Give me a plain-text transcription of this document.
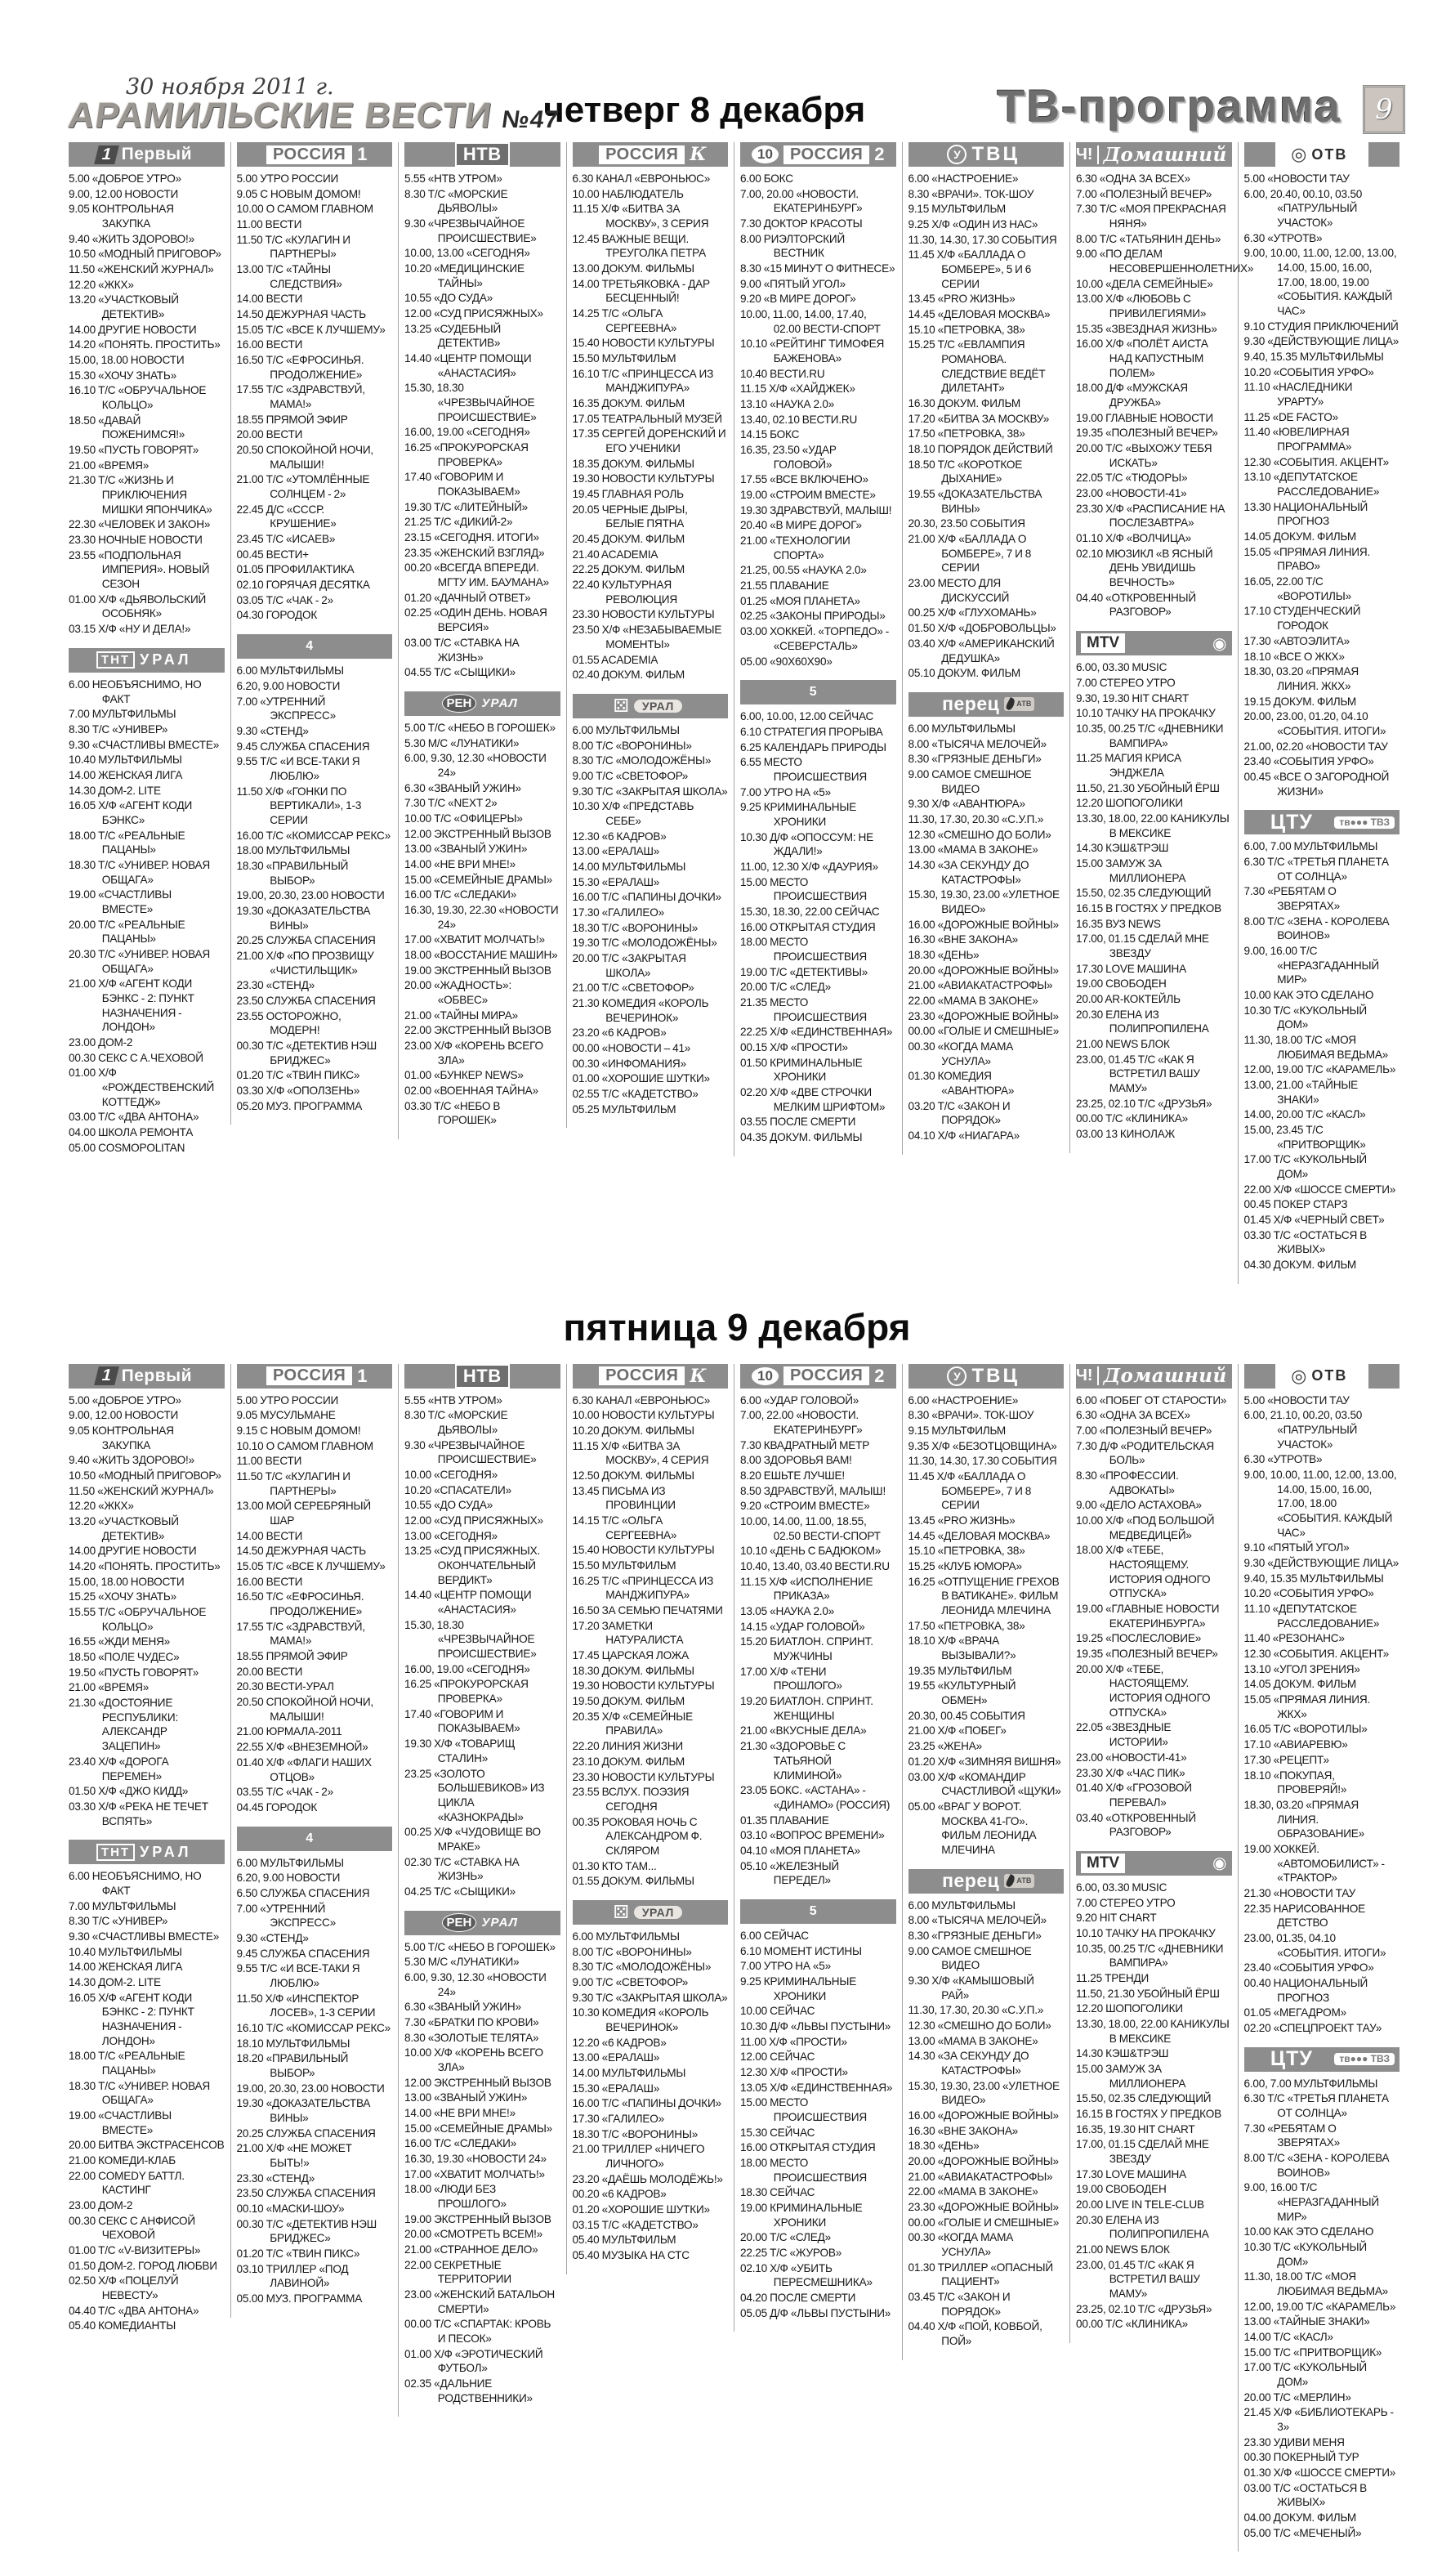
30 ноября 2011 г.
АРАМИЛЬСКИЕ ВЕСТИ №47
четверг 8 декабря	ТВ-программа	9
1 Первый
5.00 «ДОБРОЕ УТРО»
9.00, 12.00 НОВОСТИ
9.05 КОНТРОЛЬНАЯ ЗАКУПКА
9.40 «ЖИТЬ ЗДОРОВО!»
10.50 «МОДНЫЙ ПРИГОВОР»
11.50 «ЖЕНСКИЙ ЖУРНАЛ»
12.20 «ЖКХ»
13.20 «УЧАСТКОВЫЙ ДЕТЕКТИВ»
14.00 ДРУГИЕ НОВОСТИ
14.20 «ПОНЯТЬ. ПРОСТИТЬ»
15.00, 18.00 НОВОСТИ
15.30 «ХОЧУ ЗНАТЬ»
16.10 Т/С «ОБРУЧАЛЬНОЕ КОЛЬЦО»
18.50 «ДАВАЙ ПОЖЕНИМСЯ!»
19.50 «ПУСТЬ ГОВОРЯТ»
21.00 «ВРЕМЯ»
21.30 Т/С «ЖИЗНЬ И ПРИКЛЮЧЕНИЯ МИШКИ ЯПОНЧИКА»
22.30 «ЧЕЛОВЕК И ЗАКОН»
23.30 НОЧНЫЕ НОВОСТИ
23.55 «ПОДПОЛЬНАЯ ИМПЕРИЯ». НОВЫЙ СЕЗОН
01.00 Х/Ф «ДЬЯВОЛЬСКИЙ ОСОБНЯК»
03.15 Х/Ф «НУ И ДЕЛА!»
ТНТ УРАЛ
6.00 НЕОБЪЯСНИМО, НО ФАКТ
7.00 МУЛЬТФИЛЬМЫ
8.30 Т/С «УНИВЕР»
9.30 «СЧАСТЛИВЫ ВМЕСТЕ»
10.40 МУЛЬТФИЛЬМЫ
14.00 ЖЕНСКАЯ ЛИГА
14.30 ДОМ-2. LITE
16.05 Х/Ф «АГЕНТ КОДИ БЭНКС»
18.00 Т/С «РЕАЛЬНЫЕ ПАЦАНЫ»
18.30 Т/С «УНИВЕР. НОВАЯ ОБЩАГА»
19.00 «СЧАСТЛИВЫ ВМЕСТЕ»
20.00 Т/С «РЕАЛЬНЫЕ ПАЦАНЫ»
20.30 Т/С «УНИВЕР. НОВАЯ ОБЩАГА»
21.00 Х/Ф «АГЕНТ КОДИ БЭНКС - 2: ПУНКТ НАЗНАЧЕНИЯ - ЛОНДОН»
23.00 ДОМ-2
00.30 СЕКС С А.ЧЕХОВОЙ
01.00 Х/Ф «РОЖДЕСТВЕНСКИЙ КОТТЕДЖ»
03.00 Т/С «ДВА АНТОНА»
04.00 ШКОЛА РЕМОНТА
05.00 COSMOPOLITAN
РОССИЯ 1
5.00 УТРО РОССИИ
9.05 С НОВЫМ ДОМОМ!
10.00 О САМОМ ГЛАВНОМ
11.00 ВЕСТИ
11.50 Т/С «КУЛАГИН И ПАРТНЕРЫ»
13.00 Т/С «ТАЙНЫ СЛЕДСТВИЯ»
14.00 ВЕСТИ
14.50 ДЕЖУРНАЯ ЧАСТЬ
15.05 Т/С «ВСЕ К ЛУЧШЕМУ»
16.00 ВЕСТИ
16.50 Т/С «ЕФРОСИНЬЯ. ПРОДОЛЖЕНИЕ»
17.55 Т/С «ЗДРАВСТВУЙ, МАМА!»
18.55 ПРЯМОЙ ЭФИР
20.00 ВЕСТИ
20.50 СПОКОЙНОЙ НОЧИ, МАЛЫШИ!
21.00 Т/С «УТОМЛЁННЫЕ СОЛНЦЕМ - 2»
22.45 Д/С «СССР. КРУШЕНИЕ»
23.45 Т/С «ИСАЕВ»
00.45 ВЕСТИ+
01.05 ПРОФИЛАКТИКА
02.10 ГОРЯЧАЯ ДЕСЯТКА
03.05 Т/С «ЧАК - 2»
04.30 ГОРОДОК
4
6.00 МУЛЬТФИЛЬМЫ
6.20, 9.00 НОВОСТИ
7.00 «УТРЕННИЙ ЭКСПРЕСС»
9.30 «СТЕНД»
9.45 СЛУЖБА СПАСЕНИЯ
9.55 Т/С «И ВСЕ-ТАКИ Я ЛЮБЛЮ»
11.50 Х/Ф «ГОНКИ ПО ВЕРТИКАЛИ», 1-3 СЕРИИ
16.00 Т/С «КОМИССАР РЕКС»
18.00 МУЛЬТФИЛЬМЫ
18.30 «ПРАВИЛЬНЫЙ ВЫБОР»
19.00, 20.30, 23.00 НОВОСТИ
19.30 «ДОКАЗАТЕЛЬСТВА ВИНЫ»
20.25 СЛУЖБА СПАСЕНИЯ
21.00 Х/Ф «ПО ПРОЗВИЩУ «ЧИСТИЛЬЩИК»
23.30 «СТЕНД»
23.50 СЛУЖБА СПАСЕНИЯ
23.55 ОСТОРОЖНО, МОДЕРН!
00.30 Т/С «ДЕТЕКТИВ НЭШ БРИДЖЕС»
01.20 Т/С «ТВИН ПИКС»
03.30 Х/Ф «ОПОЛЗЕНЬ»
05.20 МУЗ. ПРОГРАММА
НТВ
5.55 «НТВ УТРОМ»
8.30 Т/С «МОРСКИЕ ДЬЯВОЛЫ»
9.30 «ЧРЕЗВЫЧАЙНОЕ ПРОИСШЕСТВИЕ»
10.00, 13.00 «СЕГОДНЯ»
10.20 «МЕДИЦИНСКИЕ ТАЙНЫ»
10.55 «ДО СУДА»
12.00 «СУД ПРИСЯЖНЫХ»
13.25 «СУДЕБНЫЙ ДЕТЕКТИВ»
14.40 «ЦЕНТР ПОМОЩИ «АНАСТАСИЯ»
15.30, 18.30 «ЧРЕЗВЫЧАЙНОЕ ПРОИСШЕСТВИЕ»
16.00, 19.00 «СЕГОДНЯ»
16.25 «ПРОКУРОРСКАЯ ПРОВЕРКА»
17.40 «ГОВОРИМ И ПОКАЗЫВАЕМ»
19.30 Т/С «ЛИТЕЙНЫЙ»
21.25 Т/С «ДИКИЙ-2»
23.15 «СЕГОДНЯ. ИТОГИ»
23.35 «ЖЕНСКИЙ ВЗГЛЯД»
00.20 «ВСЕГДА ВПЕРЕДИ. МГТУ ИМ. БАУМАНА»
01.20 «ДАЧНЫЙ ОТВЕТ»
02.25 «ОДИН ДЕНЬ. НОВАЯ ВЕРСИЯ»
03.00 Т/С «СТАВКА НА ЖИЗНЬ»
04.55 Т/С «СЫЩИКИ»
РЕН УРАЛ
5.00 Т/С «НЕБО В ГОРОШЕК»
5.30 М/С «ЛУНАТИКИ»
6.00, 9.30, 12.30 «НОВОСТИ 24»
6.30 «ЗВАНЫЙ УЖИН»
7.30 Т/С «NEXT 2»
10.00 Т/С «ОФИЦЕРЫ»
12.00 ЭКСТРЕННЫЙ ВЫЗОВ
13.00 «ЗВАНЫЙ УЖИН»
14.00 «НЕ ВРИ МНЕ!»
15.00 «СЕМЕЙНЫЕ ДРАМЫ»
16.00 Т/С «СЛЕДАКИ»
16.30, 19.30, 22.30 «НОВОСТИ 24»
17.00 «ХВАТИТ МОЛЧАТЬ!»
18.00 «ВОССТАНИЕ МАШИН»
19.00 ЭКСТРЕННЫЙ ВЫЗОВ
20.00 «ЖАДНОСТЬ»: «ОБВЕС»
21.00 «ТАЙНЫ МИРА»
22.00 ЭКСТРЕННЫЙ ВЫЗОВ
23.00 Х/Ф «КОРЕНЬ ВСЕГО ЗЛА»
01.00 «БУНКЕР NEWS»
02.00 «ВОЕННАЯ ТАЙНА»
03.30 Т/С «НЕБО В ГОРОШЕК»
РОССИЯ К
6.30 КАНАЛ «ЕВРОНЬЮС»
10.00 НАБЛЮДАТЕЛЬ
11.15 Х/Ф «БИТВА ЗА МОСКВУ», 3 СЕРИЯ
12.45 ВАЖНЫЕ ВЕЩИ. ТРЕУГОЛКА ПЕТРА
13.00 ДОКУМ. ФИЛЬМЫ
14.00 ТРЕТЬЯКОВКА - ДАР БЕСЦЕННЫЙ!
14.25 Т/С «ОЛЬГА СЕРГЕЕВНА»
15.40 НОВОСТИ КУЛЬТУРЫ
15.50 МУЛЬТФИЛЬМ
16.10 Т/С «ПРИНЦЕССА ИЗ МАНДЖИПУРА»
16.35 ДОКУМ. ФИЛЬМ
17.05 ТЕАТРАЛЬНЫЙ МУЗЕЙ
17.35 СЕРГЕЙ ДОРЕНСКИЙ И ЕГО УЧЕНИКИ
18.35 ДОКУМ. ФИЛЬМЫ
19.30 НОВОСТИ КУЛЬТУРЫ
19.45 ГЛАВНАЯ РОЛЬ
20.05 ЧЕРНЫЕ ДЫРЫ, БЕЛЫЕ ПЯТНА
20.45 ДОКУМ. ФИЛЬМ
21.40 ACADEMIA
22.25 ДОКУМ. ФИЛЬМ
22.40 КУЛЬТУРНАЯ РЕВОЛЮЦИЯ
23.30 НОВОСТИ КУЛЬТУРЫ
23.50 Х/Ф «НЕЗАБЫВАЕМЫЕ МОМЕНТЫ»
01.55 ACADEMIA
02.40 ДОКУМ. ФИЛЬМ
⚄	УРАЛ
6.00 МУЛЬТФИЛЬМЫ
8.00 Т/С «ВОРОНИНЫ»
8.30 Т/С «МОЛОДОЖЁНЫ»
9.00 Т/С «СВЕТОФОР»
9.30 Т/С «ЗАКРЫТАЯ ШКОЛА»
10.30 Х/Ф «ПРЕДСТАВЬ СЕБЕ»
12.30 «6 КАДРОВ»
13.00 «ЕРАЛАШ»
14.00 МУЛЬТФИЛЬМЫ
15.30 «ЕРАЛАШ»
16.00 Т/С «ПАПИНЫ ДОЧКИ»
17.30 «ГАЛИЛЕО»
18.30 Т/С «ВОРОНИНЫ»
19.30 Т/С «МОЛОДОЖЁНЫ»
20.00 Т/С «ЗАКРЫТАЯ ШКОЛА»
21.00 Т/С «СВЕТОФОР»
21.30 КОМЕДИЯ «КОРОЛЬ ВЕЧЕРИНОК»
23.20 «6 КАДРОВ»
00.00 «НОВОСТИ – 41»
00.30 «ИНФОМАНИЯ»
01.00 «ХОРОШИЕ ШУТКИ»
02.55 Т/С «КАДЕТСТВО»
05.25 МУЛЬТФИЛЬМ
10	РОССИЯ 2
6.00 БОКС
7.00, 20.00 «НОВОСТИ. ЕКАТЕРИНБУРГ»
7.30 ДОКТОР КРАСОТЫ
8.00 РИЭЛТОРСКИЙ ВЕСТНИК
8.30 «15 МИНУТ О ФИТНЕСЕ»
9.00 «ПЯТЫЙ УГОЛ»
9.20 «В МИРЕ ДОРОГ»
10.00, 11.00, 14.00, 17.40, 02.00 ВЕСТИ-СПОРТ
10.10 «РЕЙТИНГ ТИМОФЕЯ БАЖЕНОВА»
10.40 ВЕСТИ.RU
11.15 Х/Ф «ХАЙДЖЕК»
13.10 «НАУКА 2.0»
13.40, 02.10 ВЕСТИ.RU
14.15 БОКС
16.35, 23.50 «УДАР ГОЛОВОЙ»
17.55 «ВСЕ ВКЛЮЧЕНО»
19.00 «СТРОИМ ВМЕСТЕ»
19.30 ЗДРАВСТВУЙ, МАЛЫШ!
20.40 «В МИРЕ ДОРОГ»
21.00 «ТЕХНОЛОГИИ СПОРТА»
21.25, 00.55 «НАУКА 2.0»
21.55 ПЛАВАНИЕ
01.25 «МОЯ ПЛАНЕТА»
02.25 «ЗАКОНЫ ПРИРОДЫ»
03.00 ХОККЕЙ. «ТОРПЕДО» - «СЕВЕРСТАЛЬ»
05.00 «90X60X90»
5
6.00, 10.00, 12.00 СЕЙЧАС
6.10 СТРАТЕГИЯ ПРОРЫВА
6.25 КАЛЕНДАРЬ ПРИРОДЫ
6.55 МЕСТО ПРОИСШЕСТВИЯ
7.00 УТРО НА «5»
9.25 КРИМИНАЛЬНЫЕ ХРОНИКИ
10.30 Д/Ф «ОПОССУМ: НЕ ЖДАЛИ!»
11.00, 12.30 Х/Ф «ДАУРИЯ»
15.00 МЕСТО ПРОИСШЕСТВИЯ
15.30, 18.30, 22.00 СЕЙЧАС
16.00 ОТКРЫТАЯ СТУДИЯ
18.00 МЕСТО ПРОИСШЕСТВИЯ
19.00 Т/С «ДЕТЕКТИВЫ»
20.00 Т/С «СЛЕД»
21.35 МЕСТО ПРОИСШЕСТВИЯ
22.25 Х/Ф «ЕДИНСТВЕННАЯ»
00.15 Х/Ф «ПРОСТИ»
01.50 КРИМИНАЛЬНЫЕ ХРОНИКИ
02.20 Х/Ф «ДВЕ СТРОЧКИ МЕЛКИМ ШРИФТОМ»
03.55 ПОСЛЕ СМЕРТИ
04.35 ДОКУМ. ФИЛЬМЫ
У ТВЦ
6.00 «НАСТРОЕНИЕ»
8.30 «ВРАЧИ». ТОК-ШОУ
9.15 МУЛЬТФИЛЬМ
9.25 Х/Ф «ОДИН ИЗ НАС»
11.30, 14.30, 17.30 СОБЫТИЯ
11.45 Х/Ф «БАЛЛАДА О БОМБЕРЕ», 5 И 6 СЕРИИ
13.45 «PRO ЖИЗНЬ»
14.45 «ДЕЛОВАЯ МОСКВА»
15.10 «ПЕТРОВКА, 38»
15.25 Т/С «ЕВЛАМПИЯ РОМАНОВА. СЛЕДСТВИЕ ВЕДЁТ ДИЛЕТАНТ»
16.30 ДОКУМ. ФИЛЬМ
17.20 «БИТВА ЗА МОСКВУ»
17.50 «ПЕТРОВКА, 38»
18.10 ПОРЯДОК ДЕЙСТВИЙ
18.50 Т/С «КОРОТКОЕ ДЫХАНИЕ»
19.55 «ДОКАЗАТЕЛЬСТВА ВИНЫ»
20.30, 23.50 СОБЫТИЯ
21.00 Х/Ф «БАЛЛАДА О БОМБЕРЕ», 7 И 8 СЕРИИ
23.00 МЕСТО ДЛЯ ДИСКУССИЙ
00.25 Х/Ф «ГЛУХОМАНЬ»
01.50 Х/Ф «ДОБРОВОЛЬЦЫ»
03.40 Х/Ф «АМЕРИКАНСКИЙ ДЕДУШКА»
05.10 ДОКУМ. ФИЛЬМ
перец	АТВ
6.00 МУЛЬТФИЛЬМЫ
8.00 «ТЫСЯЧА МЕЛОЧЕЙ»
8.30 «ГРЯЗНЫЕ ДЕНЬГИ»
9.00 САМОЕ СМЕШНОЕ ВИДЕО
9.30 Х/Ф «АВАНТЮРА»
11.30, 17.30, 20.30 «С.У.П.»
12.30 «СМЕШНО ДО БОЛИ»
13.00 «МАМА В ЗАКОНЕ»
14.30 «ЗА СЕКУНДУ ДО КАТАСТРОФЫ»
15.30, 19.30, 23.00 «УЛЕТНОЕ ВИДЕО»
16.00 «ДОРОЖНЫЕ ВОЙНЫ»
16.30 «ВНЕ ЗАКОНА»
18.30 «ДЕНЬ»
20.00 «ДОРОЖНЫЕ ВОЙНЫ»
21.00 «АВИАКАТАСТРОФЫ»
22.00 «МАМА В ЗАКОНЕ»
23.30 «ДОРОЖНЫЕ ВОЙНЫ»
00.00 «ГОЛЫЕ И СМЕШНЫЕ»
00.30 «КОГДА МАМА УСНУЛА»
01.30 КОМЕДИЯ «АВАНТЮРА»
03.20 Т/С «ЗАКОН И ПОРЯДОК»
04.10 Х/Ф «НИАГАРА»
Ч! Домашний
6.30 «ОДНА ЗА ВСЕХ»
7.00 «ПОЛЕЗНЫЙ ВЕЧЕР»
7.30 Т/С «МОЯ ПРЕКРАСНАЯ НЯНЯ»
8.00 Т/С «ТАТЬЯНИН ДЕНЬ»
9.00 «ПО ДЕЛАМ НЕСОВЕРШЕННОЛЕТНИХ»
10.00 «ДЕЛА СЕМЕЙНЫЕ»
13.00 Х/Ф «ЛЮБОВЬ С ПРИВИЛЕГИЯМИ»
15.35 «ЗВЕЗДНАЯ ЖИЗНЬ»
16.00 Х/Ф «ПОЛЁТ АИСТА НАД КАПУСТНЫМ ПОЛЕМ»
18.00 Д/Ф «МУЖСКАЯ ДРУЖБА»
19.00 ГЛАВНЫЕ НОВОСТИ
19.35 «ПОЛЕЗНЫЙ ВЕЧЕР»
20.00 Т/С «ВЫХОЖУ ТЕБЯ ИСКАТЬ»
22.05 Т/С «ТЮДОРЫ»
23.00 «НОВОСТИ-41»
23.30 Х/Ф «РАСПИСАНИЕ НА ПОСЛЕЗАВТРА»
01.10 Х/Ф «ВОЛЧИЦА»
02.10 МЮЗИКЛ «В ЯСНЫЙ ДЕНЬ УВИДИШЬ ВЕЧНОСТЬ»
04.40 «ОТКРОВЕННЫЙ РАЗГОВОР»
MTV	◉
6.00, 03.30 MUSIC
7.00 СТЕРЕО УТРО
9.30, 19.30 HIT CHART
10.10 ТАЧКУ НА ПРОКАЧКУ
10.35, 00.25 Т/С «ДНЕВНИКИ ВАМПИРА»
11.25 МАГИЯ КРИСА ЭНДЖЕЛА
11.50, 21.30 УБОЙНЫЙ ЁРШ
12.20 ШОПОГОЛИКИ
13.30, 18.00, 22.00 КАНИКУЛЫ В МЕКСИКЕ
14.30 КЭШ&ТРЭШ
15.00 ЗАМУЖ ЗА МИЛЛИОНЕРА
15.50, 02.35 СЛЕДУЮЩИЙ
16.15 В ГОСТЯХ У ПРЕДКОВ
16.35 ВУЗ NEWS
17.00, 01.15 СДЕЛАЙ МНЕ ЗВЕЗДУ
17.30 LOVE МАШИНА
19.00 СВОБОДЕН
20.00 AR-КОКТЕЙЛЬ
20.30 ЕЛЕНА ИЗ ПОЛИПРОПИЛЕНА
21.00 NEWS БЛОК
23.00, 01.45 Т/С «КАК Я ВСТРЕТИЛ ВАШУ МАМУ»
23.25, 02.10 Т/С «ДРУЗЬЯ»
00.00 Т/С «КЛИНИКА»
03.00 13 КИНОЛАЖ
◎ ОТВ
5.00 «НОВОСТИ ТАУ
6.00, 20.40, 00.10, 03.50 «ПАТРУЛЬНЫЙ УЧАСТОК»
6.30 «УТРОТВ»
9.00, 10.00, 11.00, 12.00, 13.00, 14.00, 15.00, 16.00, 17.00, 18.00, 19.00 «СОБЫТИЯ. КАЖДЫЙ ЧАС»
9.10 СТУДИЯ ПРИКЛЮЧЕНИЙ
9.30 «ДЕЙСТВУЮЩИЕ ЛИЦА»
9.40, 15.35 МУЛЬТФИЛЬМЫ
10.20 «СОБЫТИЯ УРФО»
11.10 «НАСЛЕДНИКИ УРАРТУ»
11.25 «DE FACTO»
11.40 «ЮВЕЛИРНАЯ ПРОГРАММА»
12.30 «СОБЫТИЯ. АКЦЕНТ»
13.10 «ДЕПУТАТСКОЕ РАССЛЕДОВАНИЕ»
13.30 НАЦИОНАЛЬНЫЙ ПРОГНОЗ
14.05 ДОКУМ. ФИЛЬМ
15.05 «ПРЯМАЯ ЛИНИЯ. ПРАВО»
16.05, 22.00 Т/С «ВОРОТИЛЫ»
17.10 СТУДЕНЧЕСКИЙ ГОРОДОК
17.30 «АВТОЭЛИТА»
18.10 «ВСЕ О ЖКХ»
18.30, 03.20 «ПРЯМАЯ ЛИНИЯ. ЖКХ»
19.15 ДОКУМ. ФИЛЬМ
20.00, 23.00, 01.20, 04.10 «СОБЫТИЯ. ИТОГИ»
21.00, 02.20 «НОВОСТИ ТАУ
23.40 «СОБЫТИЯ УРФО»
00.45 «ВСЕ О ЗАГОРОДНОЙ ЖИЗНИ»
ЦТУ	тв●●● ТВЗ
6.00, 7.00 МУЛЬТФИЛЬМЫ
6.30 Т/С «ТРЕТЬЯ ПЛАНЕТА ОТ СОЛНЦА»
7.30 «РЕБЯТАМ О ЗВЕРЯТАХ»
8.00 Т/С «ЗЕНА - КОРОЛЕВА ВОИНОВ»
9.00, 16.00 Т/С «НЕРАЗГАДАННЫЙ МИР»
10.00 КАК ЭТО СДЕЛАНО
10.30 Т/С «КУКОЛЬНЫЙ ДОМ»
11.30, 18.00 Т/С «МОЯ ЛЮБИМАЯ ВЕДЬМА»
12.00, 19.00 Т/С «КАРАМЕЛЬ»
13.00, 21.00 «ТАЙНЫЕ ЗНАКИ»
14.00, 20.00 Т/С «КАСЛ»
15.00, 23.45 Т/С «ПРИТВОРЩИК»
17.00 Т/С «КУКОЛЬНЫЙ ДОМ»
22.00 Х/Ф «ШОССЕ СМЕРТИ»
00.45 ПОКЕР СТАРЗ
01.45 Х/Ф «ЧЕРНЫЙ СВЕТ»
03.30 Т/С «ОСТАТЬСЯ В ЖИВЫХ»
04.30 ДОКУМ. ФИЛЬМ
пятница 9 декабря
1 Первый
5.00 «ДОБРОЕ УТРО»
9.00, 12.00 НОВОСТИ
9.05 КОНТРОЛЬНАЯ ЗАКУПКА
9.40 «ЖИТЬ ЗДОРОВО!»
10.50 «МОДНЫЙ ПРИГОВОР»
11.50 «ЖЕНСКИЙ ЖУРНАЛ»
12.20 «ЖКХ»
13.20 «УЧАСТКОВЫЙ ДЕТЕКТИВ»
14.00 ДРУГИЕ НОВОСТИ
14.20 «ПОНЯТЬ. ПРОСТИТЬ»
15.00, 18.00 НОВОСТИ
15.25 «ХОЧУ ЗНАТЬ»
15.55 Т/С «ОБРУЧАЛЬНОЕ КОЛЬЦО»
16.55 «ЖДИ МЕНЯ»
18.50 «ПОЛЕ ЧУДЕС»
19.50 «ПУСТЬ ГОВОРЯТ»
21.00 «ВРЕМЯ»
21.30 «ДОСТОЯНИЕ РЕСПУБЛИКИ: АЛЕКСАНДР ЗАЦЕПИН»
23.40 Х/Ф «ДОРОГА ПЕРЕМЕН»
01.50 Х/Ф «ДЖО КИДД»
03.30 Х/Ф «РЕКА НЕ ТЕЧЕТ ВСПЯТЬ»
ТНТ УРАЛ
6.00 НЕОБЪЯСНИМО, НО ФАКТ
7.00 МУЛЬТФИЛЬМЫ
8.30 Т/С «УНИВЕР»
9.30 «СЧАСТЛИВЫ ВМЕСТЕ»
10.40 МУЛЬТФИЛЬМЫ
14.00 ЖЕНСКАЯ ЛИГА
14.30 ДОМ-2. LITE
16.05 Х/Ф «АГЕНТ КОДИ БЭНКС - 2: ПУНКТ НАЗНАЧЕНИЯ - ЛОНДОН»
18.00 Т/С «РЕАЛЬНЫЕ ПАЦАНЫ»
18.30 Т/С «УНИВЕР. НОВАЯ ОБЩАГА»
19.00 «СЧАСТЛИВЫ ВМЕСТЕ»
20.00 БИТВА ЭКСТРАСЕНСОВ
21.00 КОМЕДИ-КЛАБ
22.00 COMEDY БАТТЛ. КАСТИНГ
23.00 ДОМ-2
00.30 СЕКС С АНФИСОЙ ЧЕХОВОЙ
01.00 Т/С «V-ВИЗИТЕРЫ»
01.50 ДОМ-2. ГОРОД ЛЮБВИ
02.50 Х/Ф «ПОЦЕЛУЙ НЕВЕСТУ»
04.40 Т/С «ДВА АНТОНА»
05.40 КОМЕДИАНТЫ
РОССИЯ 1
5.00 УТРО РОССИИ
9.05 МУСУЛЬМАНЕ
9.15 С НОВЫМ ДОМОМ!
10.10 О САМОМ ГЛАВНОМ
11.00 ВЕСТИ
11.50 Т/С «КУЛАГИН И ПАРТНЕРЫ»
13.00 МОЙ СЕРЕБРЯНЫЙ ШАР
14.00 ВЕСТИ
14.50 ДЕЖУРНАЯ ЧАСТЬ
15.05 Т/С «ВСЕ К ЛУЧШЕМУ»
16.00 ВЕСТИ
16.50 Т/С «ЕФРОСИНЬЯ. ПРОДОЛЖЕНИЕ»
17.55 Т/С «ЗДРАВСТВУЙ, МАМА!»
18.55 ПРЯМОЙ ЭФИР
20.00 ВЕСТИ
20.30 ВЕСТИ-УРАЛ
20.50 СПОКОЙНОЙ НОЧИ, МАЛЫШИ!
21.00 ЮРМАЛА-2011
22.55 Х/Ф «ВНЕЗЕМНОЙ»
01.40 Х/Ф «ФЛАГИ НАШИХ ОТЦОВ»
03.55 Т/С «ЧАК - 2»
04.45 ГОРОДОК
4
6.00 МУЛЬТФИЛЬМЫ
6.20, 9.00 НОВОСТИ
6.50 СЛУЖБА СПАСЕНИЯ
7.00 «УТРЕННИЙ ЭКСПРЕСС»
9.30 «СТЕНД»
9.45 СЛУЖБА СПАСЕНИЯ
9.55 Т/С «И ВСЕ-ТАКИ Я ЛЮБЛЮ»
11.50 Х/Ф «ИНСПЕКТОР ЛОСЕВ», 1-3 СЕРИИ
16.10 Т/С «КОМИССАР РЕКС»
18.10 МУЛЬТФИЛЬМЫ
18.20 «ПРАВИЛЬНЫЙ ВЫБОР»
19.00, 20.30, 23.00 НОВОСТИ
19.30 «ДОКАЗАТЕЛЬСТВА ВИНЫ»
20.25 СЛУЖБА СПАСЕНИЯ
21.00 Х/Ф «НЕ МОЖЕТ БЫТЬ!»
23.30 «СТЕНД»
23.50 СЛУЖБА СПАСЕНИЯ
00.10 «МАСКИ-ШОУ»
00.30 Т/С «ДЕТЕКТИВ НЭШ БРИДЖЕС»
01.20 Т/С «ТВИН ПИКС»
03.10 ТРИЛЛЕР «ПОД ЛАВИНОЙ»
05.00 МУЗ. ПРОГРАММА
НТВ
5.55 «НТВ УТРОМ»
8.30 Т/С «МОРСКИЕ ДЬЯВОЛЫ»
9.30 «ЧРЕЗВЫЧАЙНОЕ ПРОИСШЕСТВИЕ»
10.00 «СЕГОДНЯ»
10.20 «СПАСАТЕЛИ»
10.55 «ДО СУДА»
12.00 «СУД ПРИСЯЖНЫХ»
13.00 «СЕГОДНЯ»
13.25 «СУД ПРИСЯЖНЫХ. ОКОНЧАТЕЛЬНЫЙ ВЕРДИКТ»
14.40 «ЦЕНТР ПОМОЩИ «АНАСТАСИЯ»
15.30, 18.30 «ЧРЕЗВЫЧАЙНОЕ ПРОИСШЕСТВИЕ»
16.00, 19.00 «СЕГОДНЯ»
16.25 «ПРОКУРОРСКАЯ ПРОВЕРКА»
17.40 «ГОВОРИМ И ПОКАЗЫВАЕМ»
19.30 Х/Ф «ТОВАРИЩ СТАЛИН»
23.25 «ЗОЛОТО БОЛЬШЕВИКОВ» ИЗ ЦИКЛА «КАЗНОКРАДЫ»
00.25 Х/Ф «ЧУДОВИЩЕ ВО МРАКЕ»
02.30 Т/С «СТАВКА НА ЖИЗНЬ»
04.25 Т/С «СЫЩИКИ»
РЕН УРАЛ
5.00 Т/С «НЕБО В ГОРОШЕК»
5.30 М/С «ЛУНАТИКИ»
6.00, 9.30, 12.30 «НОВОСТИ 24»
6.30 «ЗВАНЫЙ УЖИН»
7.30 «БРАТКИ ПО КРОВИ»
8.30 «ЗОЛОТЫЕ ТЕЛЯТА»
10.00 Х/Ф «КОРЕНЬ ВСЕГО ЗЛА»
12.00 ЭКСТРЕННЫЙ ВЫЗОВ
13.00 «ЗВАНЫЙ УЖИН»
14.00 «НЕ ВРИ МНЕ!»
15.00 «СЕМЕЙНЫЕ ДРАМЫ»
16.00 Т/С «СЛЕДАКИ»
16.30, 19.30 «НОВОСТИ 24»
17.00 «ХВАТИТ МОЛЧАТЬ!»
18.00 «ЛЮДИ БЕЗ ПРОШЛОГО»
19.00 ЭКСТРЕННЫЙ ВЫЗОВ
20.00 «СМОТРЕТЬ ВСЕМ!»
21.00 «СТРАННОЕ ДЕЛО»
22.00 СЕКРЕТНЫЕ ТЕРРИТОРИИ
23.00 «ЖЕНСКИЙ БАТАЛЬОН СМЕРТИ»
00.00 Т/С «СПАРТАК: КРОВЬ И ПЕСОК»
01.00 Х/Ф «ЭРОТИЧЕСКИЙ ФУТБОЛ»
02.35 «ДАЛЬНИЕ РОДСТВЕННИКИ»
РОССИЯ К
6.30 КАНАЛ «ЕВРОНЬЮС»
10.00 НОВОСТИ КУЛЬТУРЫ
10.20 ДОКУМ. ФИЛЬМЫ
11.15 Х/Ф «БИТВА ЗА МОСКВУ», 4 СЕРИЯ
12.50 ДОКУМ. ФИЛЬМЫ
13.45 ПИСЬМА ИЗ ПРОВИНЦИИ
14.15 Т/С «ОЛЬГА СЕРГЕЕВНА»
15.40 НОВОСТИ КУЛЬТУРЫ
15.50 МУЛЬТФИЛЬМ
16.25 Т/С «ПРИНЦЕССА ИЗ МАНДЖИПУРА»
16.50 ЗА СЕМЬЮ ПЕЧАТЯМИ
17.20 ЗАМЕТКИ НАТУРАЛИСТА
17.45 ЦАРСКАЯ ЛОЖА
18.30 ДОКУМ. ФИЛЬМЫ
19.30 НОВОСТИ КУЛЬТУРЫ
19.50 ДОКУМ. ФИЛЬМ
20.35 Х/Ф «СЕМЕЙНЫЕ ПРАВИЛА»
22.20 ЛИНИЯ ЖИЗНИ
23.10 ДОКУМ. ФИЛЬМ
23.30 НОВОСТИ КУЛЬТУРЫ
23.55 ВСЛУХ. ПОЭЗИЯ СЕГОДНЯ
00.35 РОКОВАЯ НОЧЬ С АЛЕКСАНДРОМ Ф. СКЛЯРОМ
01.30 КТО ТАМ...
01.55 ДОКУМ. ФИЛЬМЫ
⚄	УРАЛ
6.00 МУЛЬТФИЛЬМЫ
8.00 Т/С «ВОРОНИНЫ»
8.30 Т/С «МОЛОДОЖЁНЫ»
9.00 Т/С «СВЕТОФОР»
9.30 Т/С «ЗАКРЫТАЯ ШКОЛА»
10.30 КОМЕДИЯ «КОРОЛЬ ВЕЧЕРИНОК»
12.20 «6 КАДРОВ»
13.00 «ЕРАЛАШ»
14.00 МУЛЬТФИЛЬМЫ
15.30 «ЕРАЛАШ»
16.00 Т/С «ПАПИНЫ ДОЧКИ»
17.30 «ГАЛИЛЕО»
18.30 Т/С «ВОРОНИНЫ»
21.00 ТРИЛЛЕР «НИЧЕГО ЛИЧНОГО»
23.20 «ДАЁШЬ МОЛОДЁЖЬ!»
00.20 «6 КАДРОВ»
01.20 «ХОРОШИЕ ШУТКИ»
03.15 Т/С «КАДЕТСТВО»
05.40 МУЛЬТФИЛЬМ
05.40 МУЗЫКА НА СТС
10	РОССИЯ 2
6.00 «УДАР ГОЛОВОЙ»
7.00, 22.00 «НОВОСТИ. ЕКАТЕРИНБУРГ»
7.30 КВАДРАТНЫЙ МЕТР
8.00 ЗДОРОВЬЯ ВАМ!
8.20 ЕШЬТЕ ЛУЧШЕ!
8.50 ЗДРАВСТВУЙ, МАЛЫШ!
9.20 «СТРОИМ ВМЕСТЕ»
10.00, 14.00, 11.00, 18.55, 02.50 ВЕСТИ-СПОРТ
10.10 «ДЕНЬ С БАДЮКОМ»
10.40, 13.40, 03.40 ВЕСТИ.RU
11.15 Х/Ф «ИСПОЛНЕНИЕ ПРИКАЗА»
13.05 «НАУКА 2.0»
14.15 «УДАР ГОЛОВОЙ»
15.20 БИАТЛОН. СПРИНТ. МУЖЧИНЫ
17.00 Х/Ф «ТЕНИ ПРОШЛОГО»
19.20 БИАТЛОН. СПРИНТ. ЖЕНЩИНЫ
21.00 «ВКУСНЫЕ ДЕЛА»
21.30 «ЗДОРОВЬЕ С ТАТЬЯНОЙ КЛИМИНОЙ»
23.05 БОКС. «АСТАНА» - «ДИНАМО» (РОССИЯ)
01.35 ПЛАВАНИЕ
03.10 «ВОПРОС ВРЕМЕНИ»
04.10 «МОЯ ПЛАНЕТА»
05.10 «ЖЕЛЕЗНЫЙ ПЕРЕДЕЛ»
5
6.00 СЕЙЧАС
6.10 МОМЕНТ ИСТИНЫ
7.00 УТРО НА «5»
9.25 КРИМИНАЛЬНЫЕ ХРОНИКИ
10.00 СЕЙЧАС
10.30 Д/Ф «ЛЬВЫ ПУСТЫНИ»
11.00 Х/Ф «ПРОСТИ»
12.00 СЕЙЧАС
12.30 Х/Ф «ПРОСТИ»
13.05 Х/Ф «ЕДИНСТВЕННАЯ»
15.00 МЕСТО ПРОИСШЕСТВИЯ
15.30 СЕЙЧАС
16.00 ОТКРЫТАЯ СТУДИЯ
18.00 МЕСТО ПРОИСШЕСТВИЯ
18.30 СЕЙЧАС
19.00 КРИМИНАЛЬНЫЕ ХРОНИКИ
20.00 Т/С «СЛЕД»
22.25 Т/С «ЖУРОВ»
02.10 Х/Ф «УБИТЬ ПЕРЕСМЕШНИКА»
04.20 ПОСЛЕ СМЕРТИ
05.05 Д/Ф «ЛЬВЫ ПУСТЫНИ»
У ТВЦ
6.00 «НАСТРОЕНИЕ»
8.30 «ВРАЧИ». ТОК-ШОУ
9.15 МУЛЬТФИЛЬМ
9.35 Х/Ф «БЕЗОТЦОВЩИНА»
11.30, 14.30, 17.30 СОБЫТИЯ
11.45 Х/Ф «БАЛЛАДА О БОМБЕРЕ», 7 И 8 СЕРИИ
13.45 «PRO ЖИЗНЬ»
14.45 «ДЕЛОВАЯ МОСКВА»
15.10 «ПЕТРОВКА, 38»
15.25 «КЛУБ ЮМОРА»
16.25 «ОТПУЩЕНИЕ ГРЕХОВ В ВАТИКАНЕ». ФИЛЬМ ЛЕОНИДА МЛЕЧИНА
17.50 «ПЕТРОВКА, 38»
18.10 Х/Ф «ВРАЧА ВЫЗЫВАЛИ?»
19.35 МУЛЬТФИЛЬМ
19.55 «КУЛЬТУРНЫЙ ОБМЕН»
20.30, 00.45 СОБЫТИЯ
21.00 Х/Ф «ПОБЕГ»
23.25 «ЖЕНА»
01.20 Х/Ф «ЗИМНЯЯ ВИШНЯ»
03.00 Х/Ф «КОМАНДИР СЧАСТЛИВОЙ «ЩУКИ»
05.00 «ВРАГ У ВОРОТ. МОСКВА 41-ГО». ФИЛЬМ ЛЕОНИДА МЛЕЧИНА
перец	АТВ
6.00 МУЛЬТФИЛЬМЫ
8.00 «ТЫСЯЧА МЕЛОЧЕЙ»
8.30 «ГРЯЗНЫЕ ДЕНЬГИ»
9.00 САМОЕ СМЕШНОЕ ВИДЕО
9.30 Х/Ф «КАМЫШОВЫЙ РАЙ»
11.30, 17.30, 20.30 «С.У.П.»
12.30 «СМЕШНО ДО БОЛИ»
13.00 «МАМА В ЗАКОНЕ»
14.30 «ЗА СЕКУНДУ ДО КАТАСТРОФЫ»
15.30, 19.30, 23.00 «УЛЕТНОЕ ВИДЕО»
16.00 «ДОРОЖНЫЕ ВОЙНЫ»
16.30 «ВНЕ ЗАКОНА»
18.30 «ДЕНЬ»
20.00 «ДОРОЖНЫЕ ВОЙНЫ»
21.00 «АВИАКАТАСТРОФЫ»
22.00 «МАМА В ЗАКОНЕ»
23.30 «ДОРОЖНЫЕ ВОЙНЫ»
00.00 «ГОЛЫЕ И СМЕШНЫЕ»
00.30 «КОГДА МАМА УСНУЛА»
01.30 ТРИЛЛЕР «ОПАСНЫЙ ПАЦИЕНТ»
03.45 Т/С «ЗАКОН И ПОРЯДОК»
04.40 Х/Ф «ПОЙ, КОВБОЙ, ПОЙ»
Ч! Домашний
6.00 «ПОБЕГ ОТ СТАРОСТИ»
6.30 «ОДНА ЗА ВСЕХ»
7.00 «ПОЛЕЗНЫЙ ВЕЧЕР»
7.30 Д/Ф «РОДИТЕЛЬСКАЯ БОЛЬ»
8.30 «ПРОФЕССИИ. АДВОКАТЫ»
9.00 «ДЕЛО АСТАХОВА»
10.00 Х/Ф «ПОД БОЛЬШОЙ МЕДВЕДИЦЕЙ»
18.00 Х/Ф «ТЕБЕ, НАСТОЯЩЕМУ. ИСТОРИЯ ОДНОГО ОТПУСКА»
19.00 «ГЛАВНЫЕ НОВОСТИ ЕКАТЕРИНБУРГА»
19.25 «ПОСЛЕСЛОВИЕ»
19.35 «ПОЛЕЗНЫЙ ВЕЧЕР»
20.00 Х/Ф «ТЕБЕ, НАСТОЯЩЕМУ. ИСТОРИЯ ОДНОГО ОТПУСКА»
22.05 «ЗВЕЗДНЫЕ ИСТОРИИ»
23.00 «НОВОСТИ-41»
23.30 Х/Ф «ЧАС ПИК»
01.40 Х/Ф «ГРОЗОВОЙ ПЕРЕВАЛ»
03.40 «ОТКРОВЕННЫЙ РАЗГОВОР»
MTV	◉
6.00, 03.30 MUSIC
7.00 СТЕРЕО УТРО
9.20 HIT CHART
10.10 ТАЧКУ НА ПРОКАЧКУ
10.35, 00.25 Т/С «ДНЕВНИКИ ВАМПИРА»
11.25 ТРЕНДИ
11.50, 21.30 УБОЙНЫЙ ЁРШ
12.20 ШОПОГОЛИКИ
13.30, 18.00, 22.00 КАНИКУЛЫ В МЕКСИКЕ
14.30 КЭШ&ТРЭШ
15.00 ЗАМУЖ ЗА МИЛЛИОНЕРА
15.50, 02.35 СЛЕДУЮЩИЙ
16.15 В ГОСТЯХ У ПРЕДКОВ
16.35, 19.30 HIT CHART
17.00, 01.15 СДЕЛАЙ МНЕ ЗВЕЗДУ
17.30 LOVE МАШИНА
19.00 СВОБОДЕН
20.00 LIVE IN TELE-CLUB
20.30 ЕЛЕНА ИЗ ПОЛИПРОПИЛЕНА
21.00 NEWS БЛОК
23.00, 01.45 Т/С «КАК Я ВСТРЕТИЛ ВАШУ МАМУ»
23.25, 02.10 Т/С «ДРУЗЬЯ»
00.00 Т/С «КЛИНИКА»
◎ ОТВ
5.00 «НОВОСТИ ТАУ
6.00, 21.10, 00.20, 03.50 «ПАТРУЛЬНЫЙ УЧАСТОК»
6.30 «УТРОТВ»
9.00, 10.00, 11.00, 12.00, 13.00, 14.00, 15.00, 16.00, 17.00, 18.00 «СОБЫТИЯ. КАЖДЫЙ ЧАС»
9.10 «ПЯТЫЙ УГОЛ»
9.30 «ДЕЙСТВУЮЩИЕ ЛИЦА»
9.40, 15.35 МУЛЬТФИЛЬМЫ
10.20 «СОБЫТИЯ УРФО»
11.10 «ДЕПУТАТСКОЕ РАССЛЕДОВАНИЕ»
11.40 «РЕЗОНАНС»
12.30 «СОБЫТИЯ. АКЦЕНТ»
13.10 «УГОЛ ЗРЕНИЯ»
14.05 ДОКУМ. ФИЛЬМ
15.05 «ПРЯМАЯ ЛИНИЯ. ЖКХ»
16.05 Т/С «ВОРОТИЛЫ»
17.10 «АВИАРЕВЮ»
17.30 «РЕЦЕПТ»
18.10 «ПОКУПАЯ, ПРОВЕРЯЙ!»
18.30, 03.20 «ПРЯМАЯ ЛИНИЯ. ОБРАЗОВАНИЕ»
19.00 ХОККЕЙ. «АВТОМОБИЛИСТ» - «ТРАКТОР»
21.30 «НОВОСТИ ТАУ
22.35 НАРИСОВАННОЕ ДЕТСТВО
23.00, 01.35, 04.10 «СОБЫТИЯ. ИТОГИ»
23.40 «СОБЫТИЯ УРФО»
00.40 НАЦИОНАЛЬНЫЙ ПРОГНОЗ
01.05 «МЕГАДРОМ»
02.20 «СПЕЦПРОЕКТ ТАУ»
ЦТУ	тв●●● ТВЗ
6.00, 7.00 МУЛЬТФИЛЬМЫ
6.30 Т/С «ТРЕТЬЯ ПЛАНЕТА ОТ СОЛНЦА»
7.30 «РЕБЯТАМ О ЗВЕРЯТАХ»
8.00 Т/С «ЗЕНА - КОРОЛЕВА ВОИНОВ»
9.00, 16.00 Т/С «НЕРАЗГАДАННЫЙ МИР»
10.00 КАК ЭТО СДЕЛАНО
10.30 Т/С «КУКОЛЬНЫЙ ДОМ»
11.30, 18.00 Т/С «МОЯ ЛЮБИМАЯ ВЕДЬМА»
12.00, 19.00 Т/С «КАРАМЕЛЬ»
13.00 «ТАЙНЫЕ ЗНАКИ»
14.00 Т/С «КАСЛ»
15.00 Т/С «ПРИТВОРЩИК»
17.00 Т/С «КУКОЛЬНЫЙ ДОМ»
20.00 Т/С «МЕРЛИН»
21.45 Х/Ф «БИБЛИОТЕКАРЬ - 3»
23.30 УДИВИ МЕНЯ
00.30 ПОКЕРНЫЙ ТУР
01.30 Х/Ф «ШОССЕ СМЕРТИ»
03.00 Т/С «ОСТАТЬСЯ В ЖИВЫХ»
04.00 ДОКУМ. ФИЛЬМ
05.00 Т/С «МЕЧЕНЫЙ»
